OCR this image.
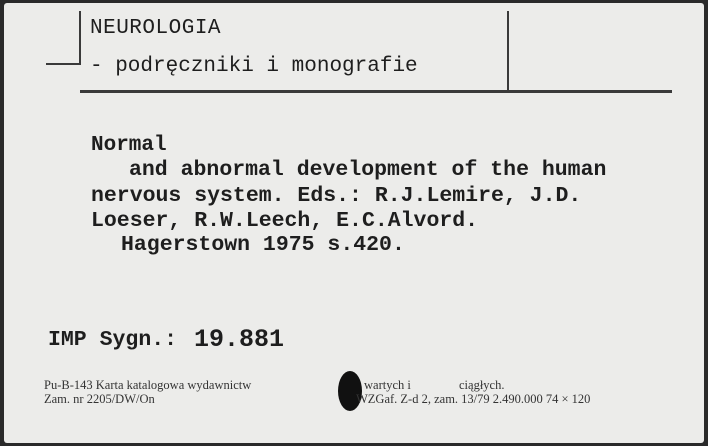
NEUROLOGIA
- podręczniki i monografie
Normal
and abnormal development of the human
nervous system. Eds.: R.J.Lemire, J.D.
Loeser, R.W.Leech, E.C.Alvord.
Hagerstown 1975 s.420.
IMP Sygn.: 19.881
Pu-B-143 Karta katalogowa wydawnictw
Zam. nr 2205/DW/On
wartych i	ciągłych.
WZGaf. Z-d 2, zam. 13/79 2.490.000 74 × 120
